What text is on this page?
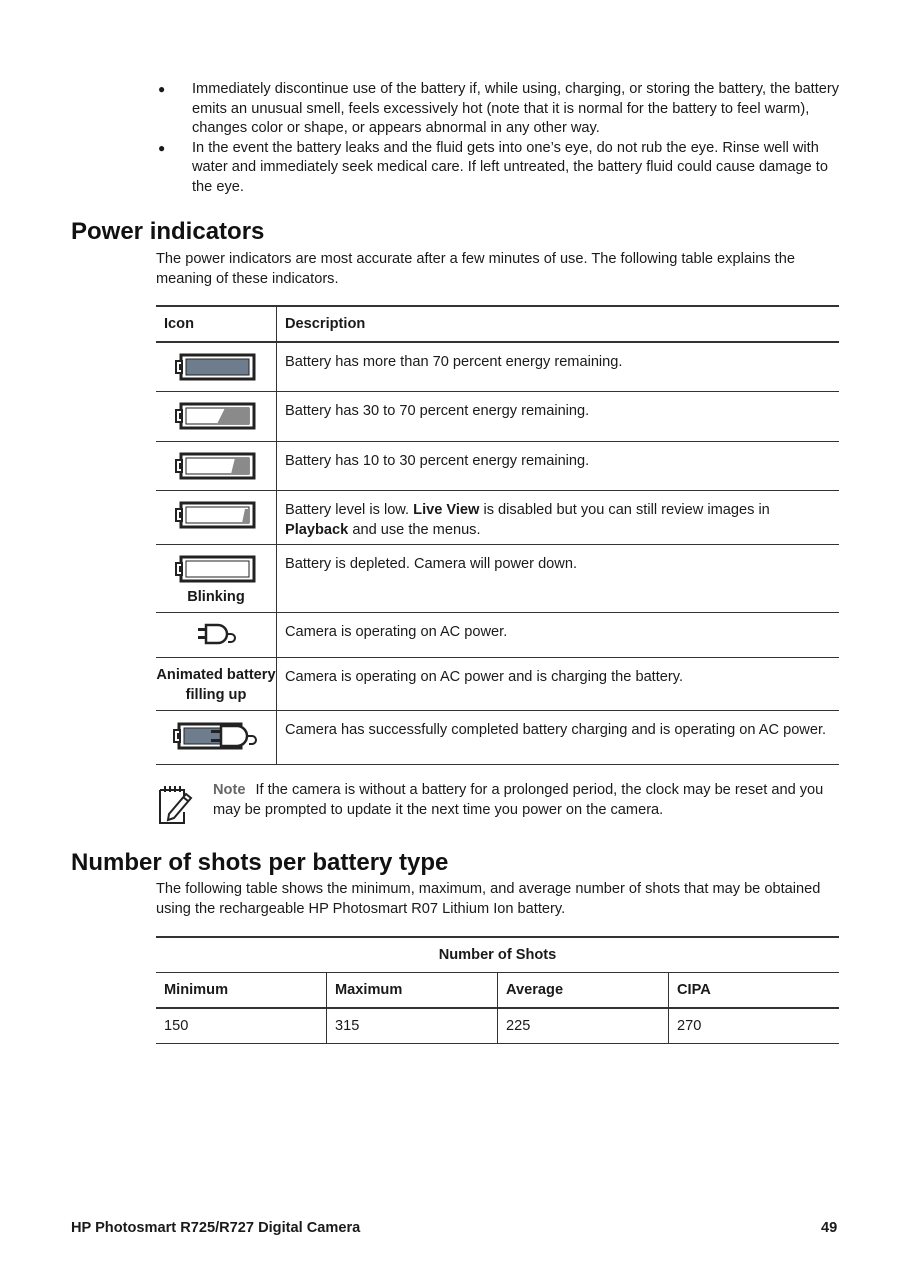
● Immediately discontinue use of the battery if, while using, charging, or storing the battery, the battery emits an unusual smell, feels excessively hot (note that it is normal for the battery to feel warm), changes color or shape, or appears abnormal in any other way.
● In the event the battery leaks and the fluid gets into one’s eye, do not rub the eye. Rinse well with water and immediately seek medical care. If left untreated, the battery fluid could cause damage to the eye.
Power indicators

The power indicators are most accurate after a few minutes of use. The following table explains the meaning of these indicators.

Icon	Description

	Battery has more than 70 percent energy remaining.

	Battery has 30 to 70 percent energy remaining.

	Battery has 10 to 30 percent energy remaining.

	Battery level is low. Live View is disabled but you can still review images in Playback and use the menus.

Blinking	Battery is depleted. Camera will power down.

	Camera is operating on AC power.

Animated battery filling up	Camera is operating on AC power and is charging the battery.

	Camera has successfully completed battery charging and is operating on AC power.
Note If the camera is without a battery for a prolonged period, the clock may be reset and you may be prompted to update it the next time you power on the camera.
Number of shots per battery type

The following table shows the minimum, maximum, and average number of shots that may be obtained using the rechargeable HP Photosmart R07 Lithium Ion battery.

Number of Shots			
Minimum	Maximum	Average	CIPA
150	315	225	270
HP Photosmart R725/R727 Digital Camera	49
